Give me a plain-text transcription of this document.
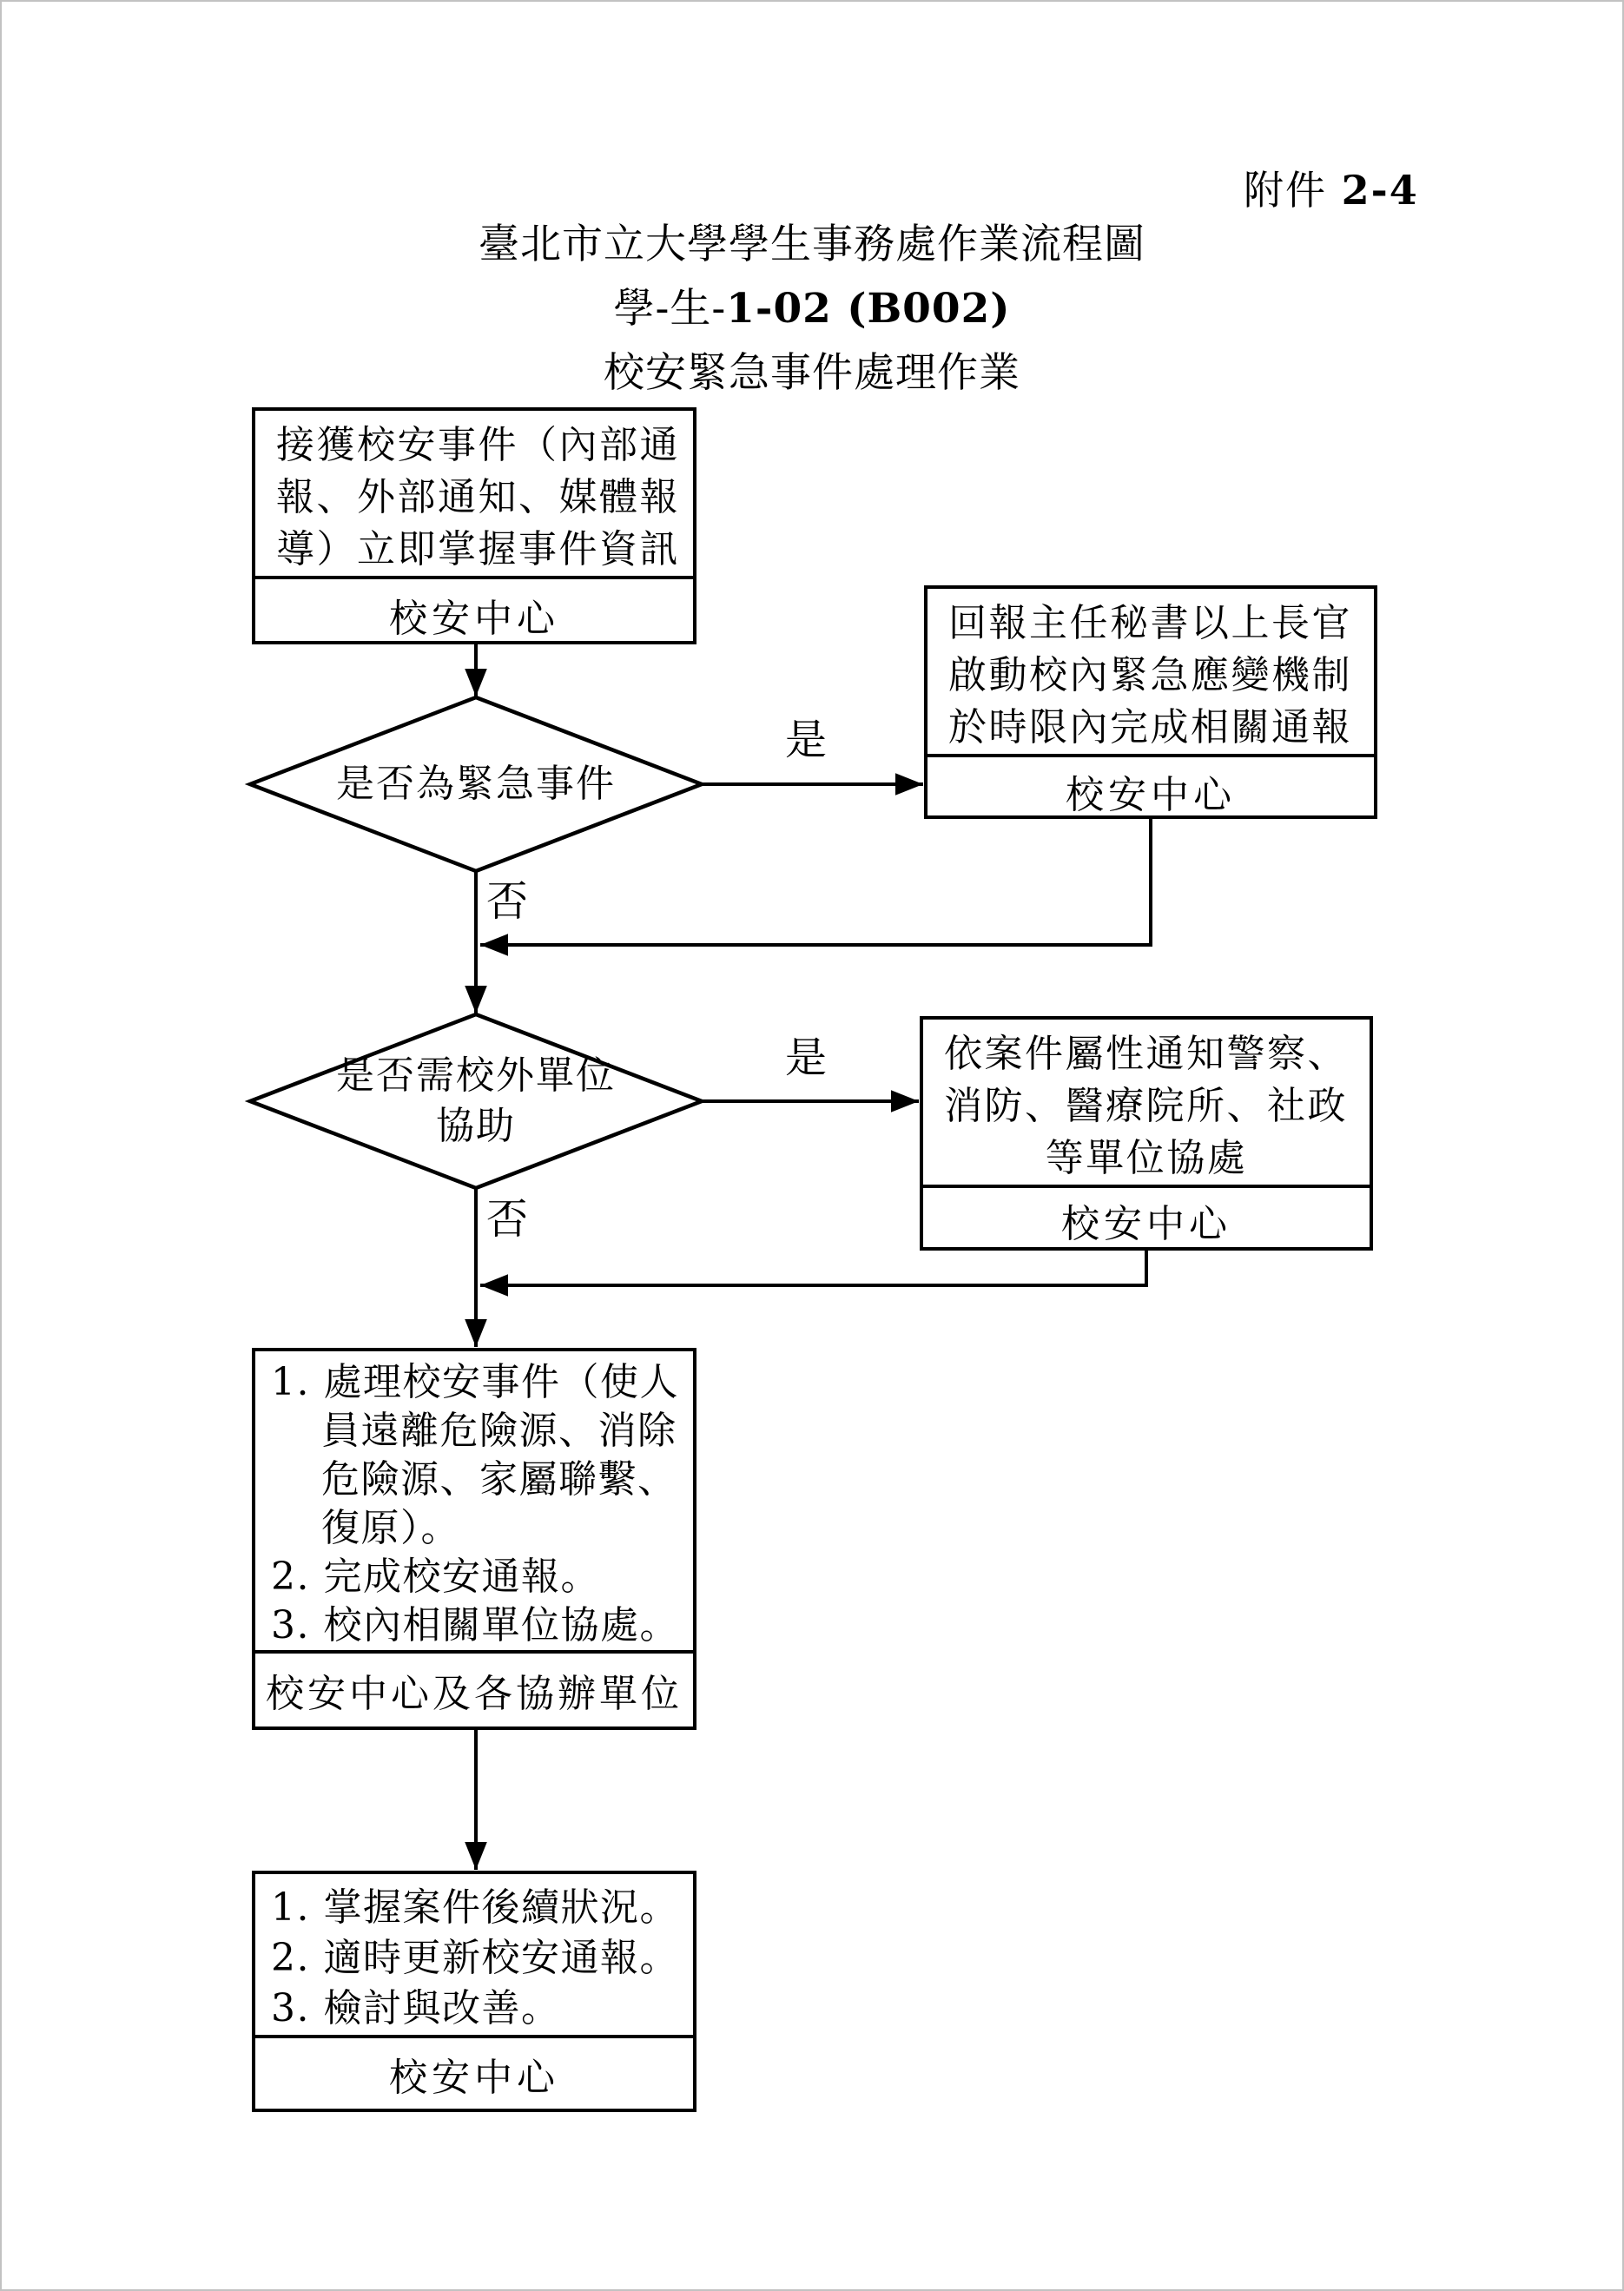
附件 2-4
臺北市立大學學生事務處作業流程圖
學-生-1-02 (B002)
校安緊急事件處理作業
接獲校安事件（內部通
報、外部通知、媒體報
導）立即掌握事件資訊
校安中心
是否為緊急事件
是
否
回報主任秘書以上長官
啟動校內緊急應變機制
於時限內完成相關通報
校安中心
是否需校外單位
協助
是
否
依案件屬性通知警察、
消防、醫療院所、社政
等單位協處
校安中心
1. 處理校安事件（使人
員遠離危險源、消除
危險源、家屬聯繫、
復原）。
2. 完成校安通報。
3. 校內相關單位協處。
校安中心及各協辦單位
1. 掌握案件後續狀況。
2. 適時更新校安通報。
3. 檢討與改善。
校安中心
